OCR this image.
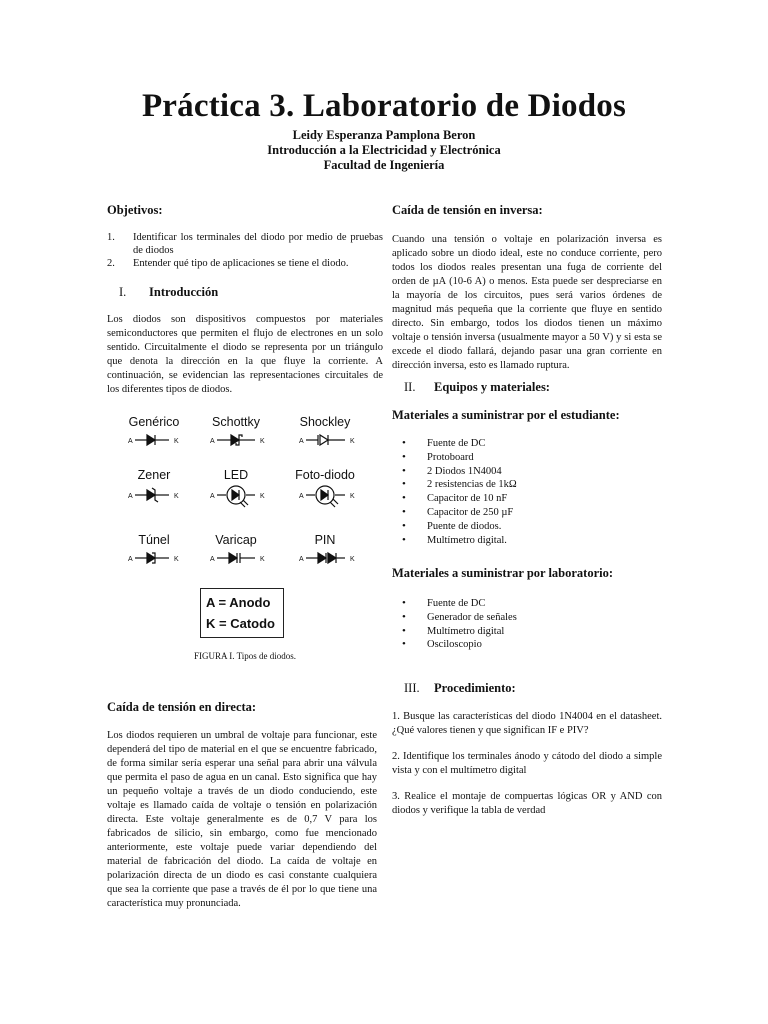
Práctica 3. Laboratorio de Diodos
Leidy Esperanza Pamplona Beron
Introducción a la Electricidad y Electrónica
Facultad de Ingeniería
Objetivos:
1. Identificar los terminales del diodo por medio de pruebas de diodos
2. Entender qué tipo de aplicaciones se tiene el diodo.
I. Introducción

Los diodos son dispositivos compuestos por materiales semiconductores que permiten el flujo de electrones en un solo sentido. Circuitalmente el diodo se representa por un triángulo que denota la dirección en la que fluye la corriente. A continuación, se evidencian las representaciones circuitales de los diferentes tipos de diodos.

Genérico	Schottky	Shockley
Zener	LED	Foto-diodo
Túnel	Varicap	PIN
A	K	A	K	A	K
A	K	A	K	A	K
A	K	A	K	A	K
A = Anodo
K = Catodo
FIGURA I. Tipos de diodos.
Caída de tensión en directa:

Los diodos requieren un umbral de voltaje para funcionar, este dependerá del tipo de material en el que se encuentre fabricado, de forma similar sería esperar una señal para abrir una válvula que permita el paso de agua en un canal. Esto significa que hay un pequeño voltaje a través de un diodo conduciendo, este voltaje es llamado caída de voltaje o tensión en polarización directa. Este voltaje generalmente es de 0,7 V para los fabricados de silicio, sin embargo, como fue mencionado anteriormente, este voltaje puede variar dependiendo del material de fabricación del diodo. La caída de voltaje en polarización directa de un diodo es casi constante cualquiera que sea la corriente que pase a través de él por lo que tiene una característica muy pronunciada.

Caída de tensión en inversa:

Cuando una tensión o voltaje en polarización inversa es aplicado sobre un diodo ideal, este no conduce corriente, pero todos los diodos reales presentan una fuga de corriente del orden de µA (10-6 A) o menos. Esta puede ser despreciarse en la mayoría de los circuitos, pues será varios órdenes de magnitud más pequeña que la corriente que fluye en sentido directo. Sin embargo, todos los diodos tienen un máximo voltaje o tensión inversa (usualmente mayor a 50 V) y si esta se excede el diodo fallará, dejando pasar una gran corriente en dirección inversa, esto es llamado ruptura.

II. Equipos y materiales:
Materiales a suministrar por el estudiante:
• Fuente de DC
• Protoboard
• 2 Diodos 1N4004
• 2 resistencias de 1kΩ
• Capacitor de 10 nF
• Capacitor de 250 µF
• Puente de diodos.
• Multímetro digital.
Materiales a suministrar por laboratorio:
• Fuente de DC
• Generador de señales
• Multímetro digital
• Osciloscopio
III. Procedimiento:

1. Busque las características del diodo 1N4004 en el datasheet. ¿Qué valores tienen y que significan IF e PIV?

2. Identifique los terminales ánodo y cátodo del diodo a simple vista y con el multímetro digital

3. Realice el montaje de compuertas lógicas OR y AND con diodos y verifique la tabla de verdad
